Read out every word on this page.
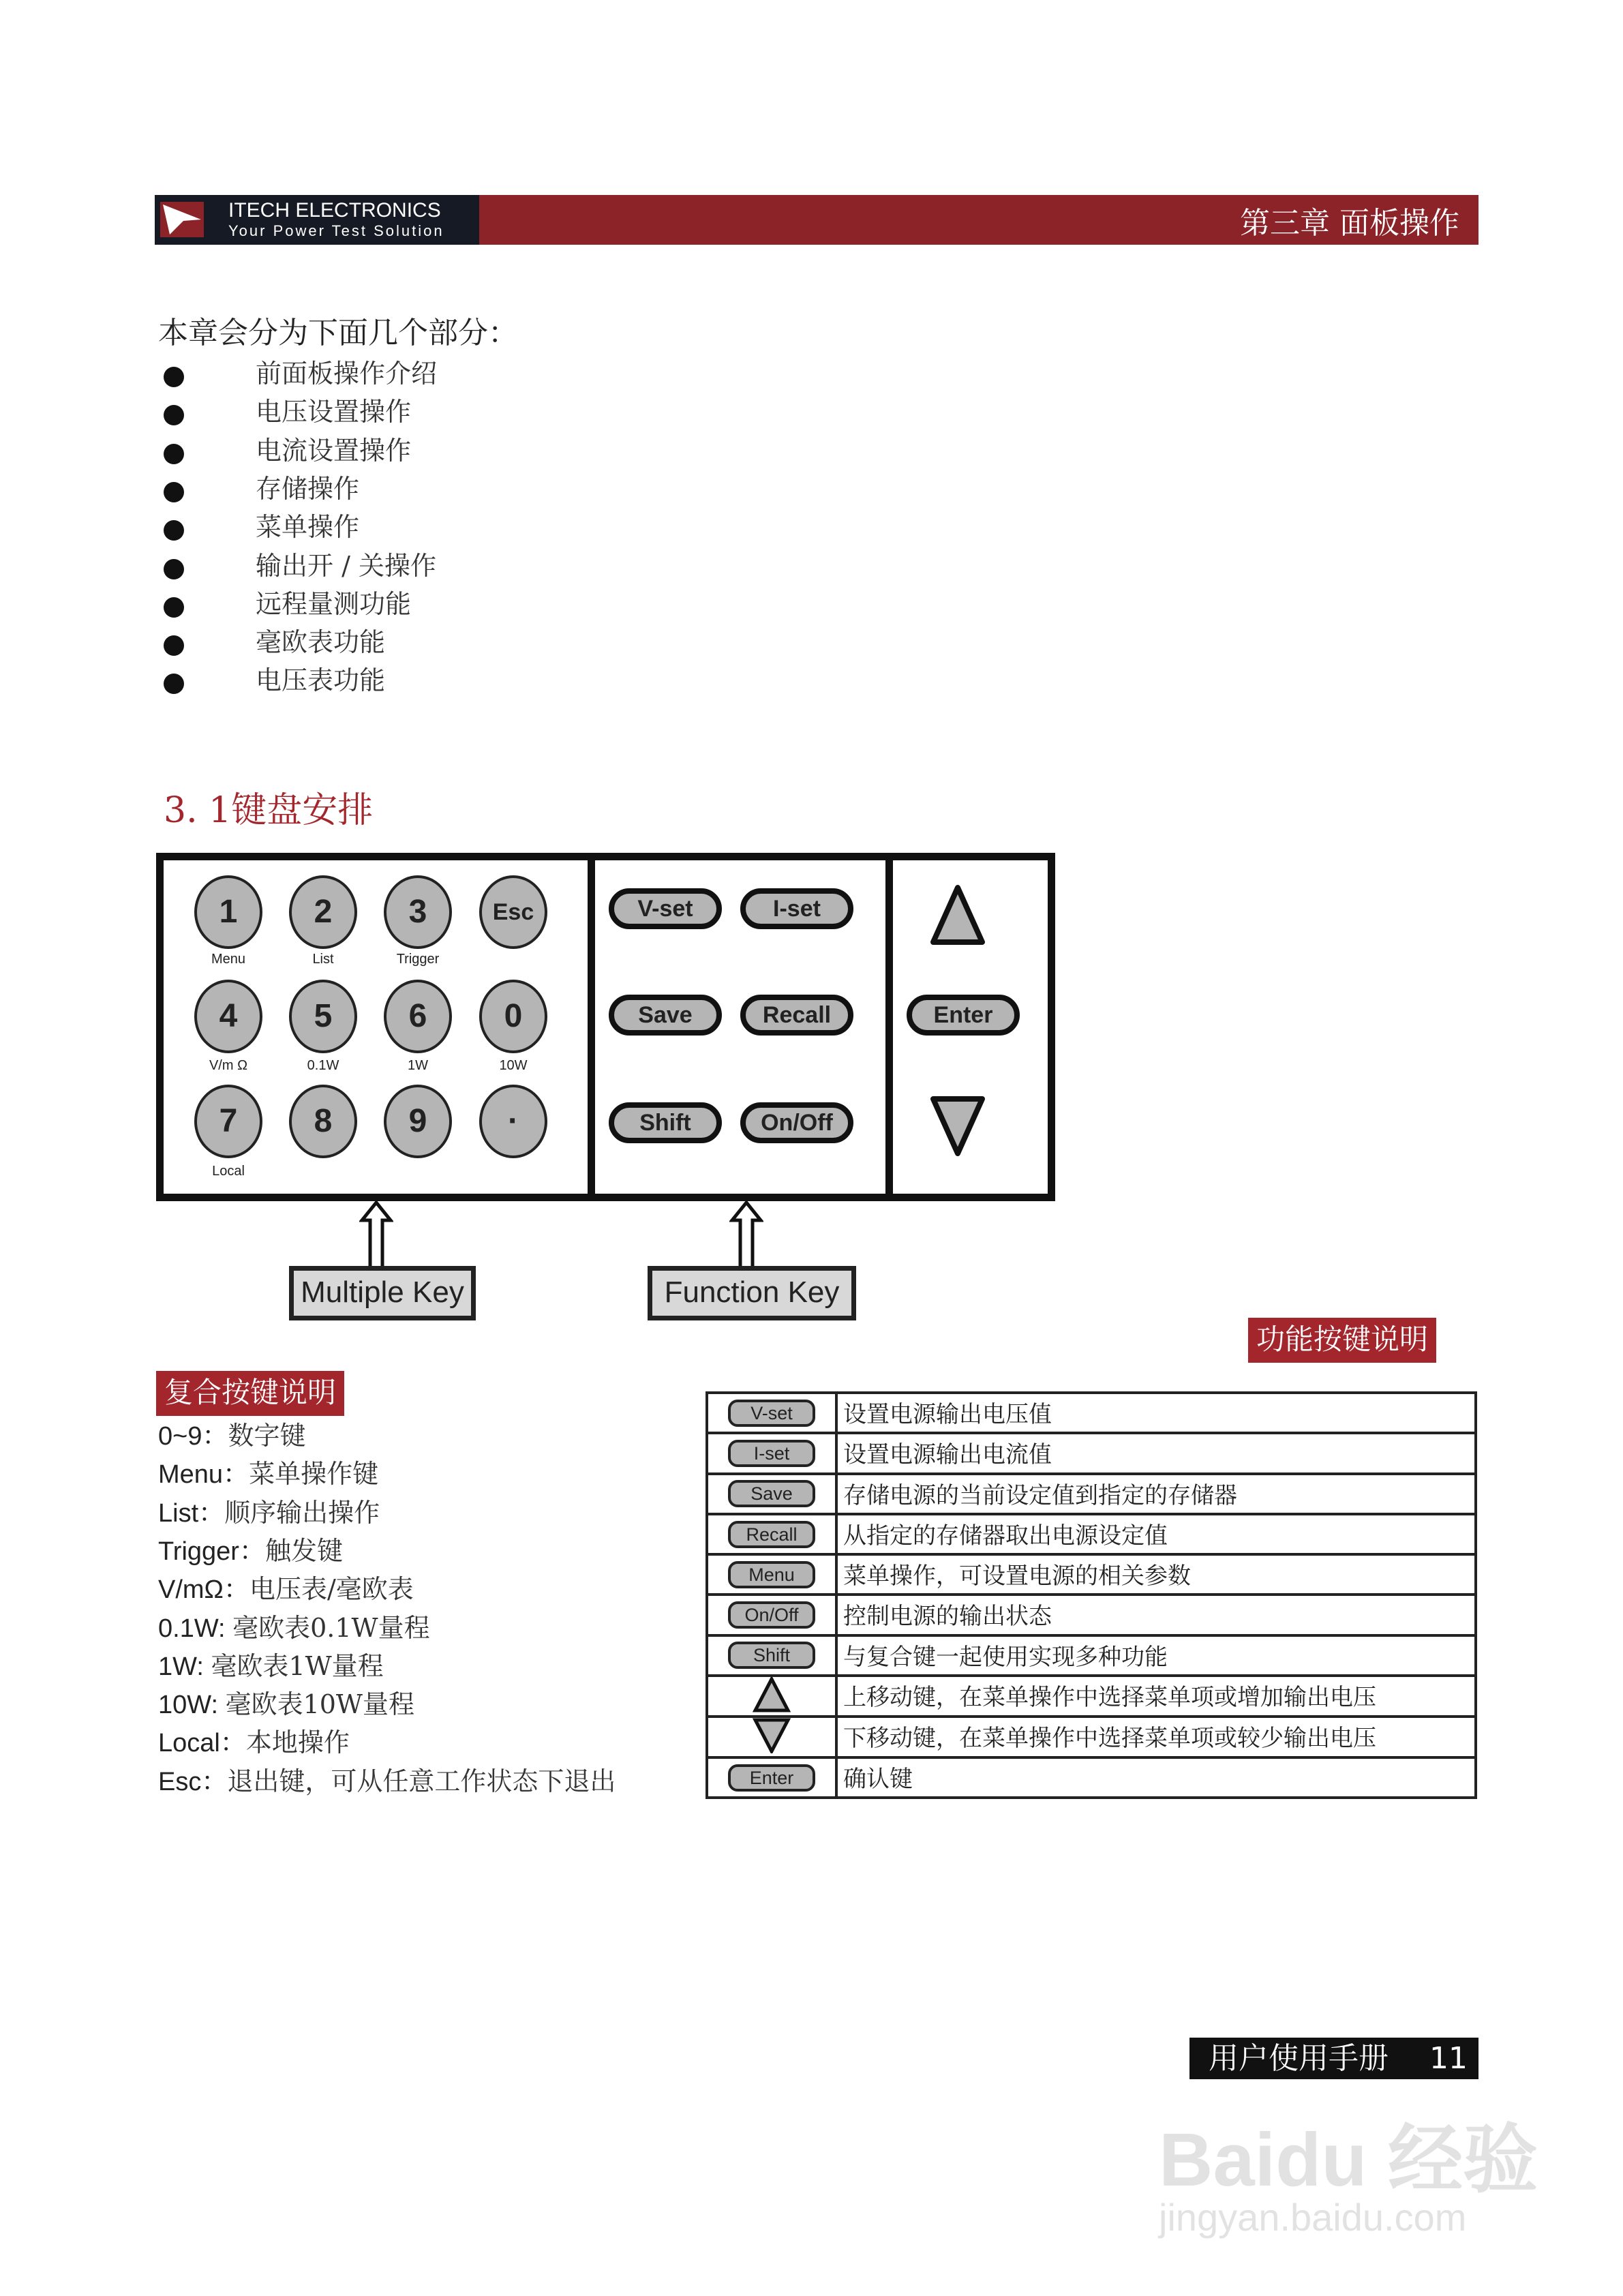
ITECH ELECTRONICS
Your Power Test Solution	第三章 面板操作
本章会分为下面几个部分：
前面板操作介绍
电压设置操作
电流设置操作
存储操作
菜单操作
输出开 / 关操作
远程量测功能
毫欧表功能
电压表功能
3. 1键盘安排
1
Menu
2
List
3
Trigger
Esc
4
V/m Ω
5
0.1W
6
1W
0
10W
7
Local
8	9	·
V-set	I-set
Save	Recall
Shift	On/Off
Enter
Multiple Key	Function Key
功能按键说明
复合按键说明
0~9：数字键
Menu：菜单操作键
List：顺序输出操作
Trigger：触发键
V/mΩ：电压表/毫欧表
0.1W: 毫欧表0.1W量程
1W: 毫欧表1W量程
10W: 毫欧表10W量程
Local：本地操作
Esc：退出键，可从任意工作状态下退出
V-set	设置电源输出电压值
I-set	设置电源输出电流值
Save	存储电源的当前设定值到指定的存储器
Recall	从指定的存储器取出电源设定值
Menu	菜单操作，可设置电源的相关参数
On/Off	控制电源的输出状态
Shift	与复合键一起使用实现多种功能
	上移动键，在菜单操作中选择菜单项或增加输出电压
	下移动键，在菜单操作中选择菜单项或较少输出电压
Enter	确认键
用户使用手册 11
Baidu 经验
jingyan.baidu.com
